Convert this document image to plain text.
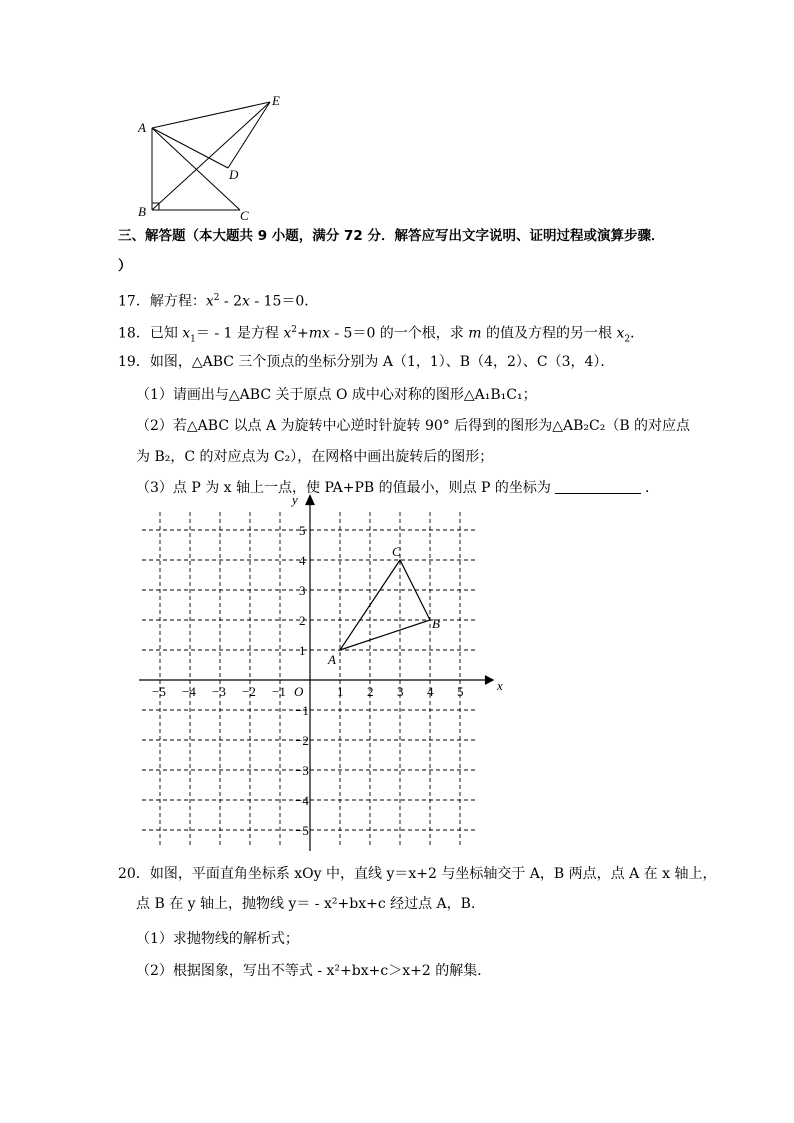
A
E
D
B	C
三、解答题（本大题共 9 小题，满分 72 分．解答应写出文字说明、证明过程或演算步骤．
）
17．解方程：$x^2 - 2x - 15=0$．
18．已知 $x_1= - 1$ 是方程 $x^2+mx - 5=0$ 的一个根，求 m 的值及方程的另一根 $x_2$．
19．如图，△ABC 三个顶点的坐标分别为 A（1，1）、B（4，2）、C（3，4）．
（1）请画出与△ABC 关于原点 O 成中心对称的图形△A₁B₁C₁；
（2）若△ABC 以点 A 为旋转中心逆时针旋转 90° 后得到的图形为△AB₂C₂（B 的对应点
为 B₂，C 的对应点为 C₂），在网格中画出旋转后的图形；
（3）点 P 为 x 轴上一点，使 PA+PB 的值最小，则点 P 的坐标为	．
−5 −4 −3 −2 −1	1 2 3 4 5
5
4
3
2
1
−1
−2
−3
−4
−5
x
y
O
A
B
C
20．如图，平面直角坐标系 xOy 中，直线 y＝x+2 与坐标轴交于 A，B 两点，点 A 在 x 轴上，
点 B 在 y 轴上，抛物线 y＝ - x²+bx+c 经过点 A，B．
（1）求抛物线的解析式；
（2）根据图象，写出不等式 - x²+bx+c＞x+2 的解集．
